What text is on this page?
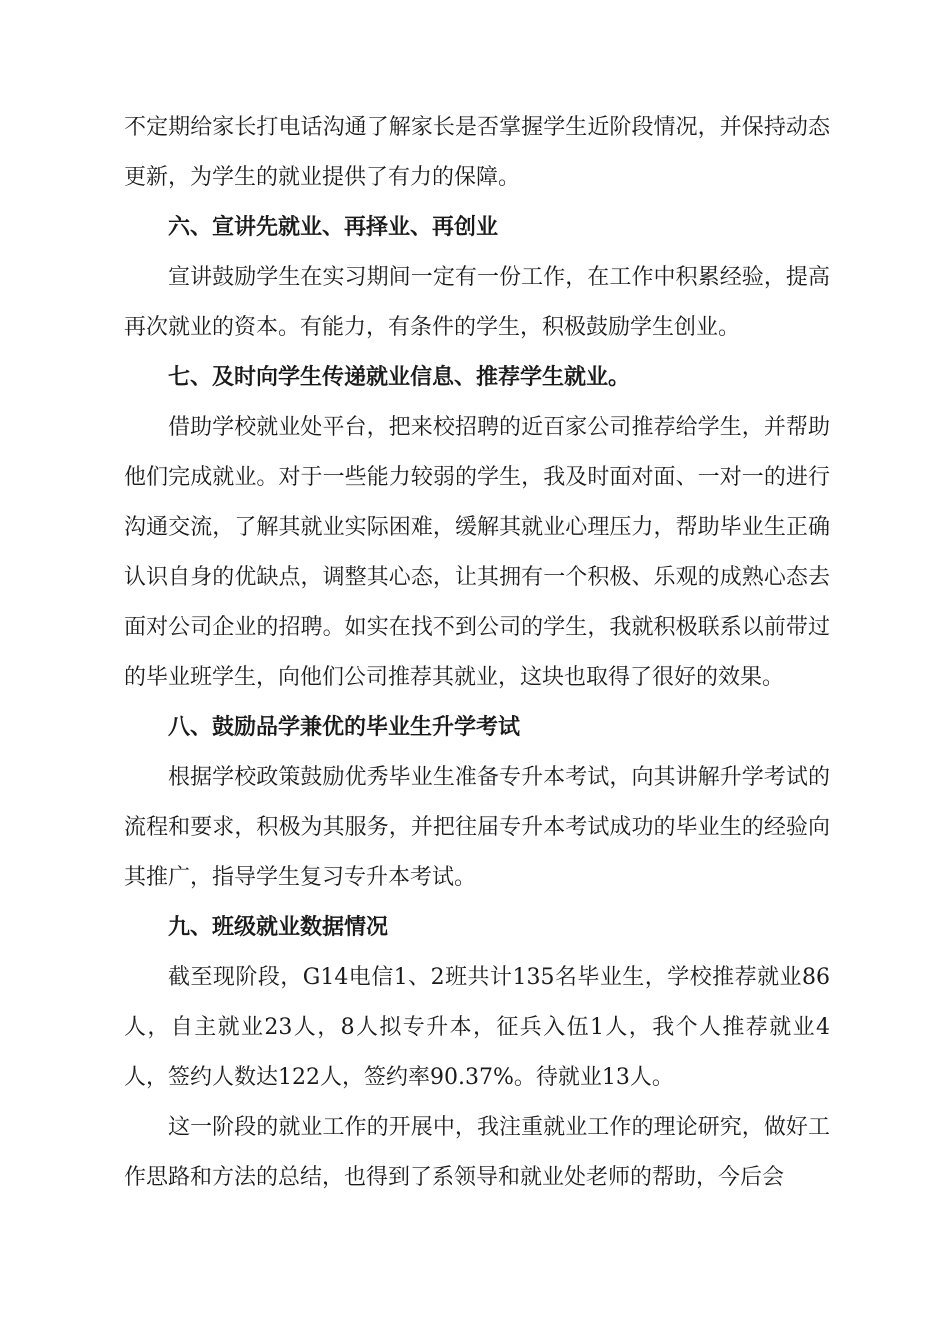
不定期给家长打电话沟通了解家长是否掌握学生近阶段情况，并保持动态更新，为学生的就业提供了有力的保障。

六、宣讲先就业、再择业、再创业

宣讲鼓励学生在实习期间一定有一份工作，在工作中积累经验，提高再次就业的资本。有能力，有条件的学生，积极鼓励学生创业。

七、及时向学生传递就业信息、推荐学生就业。

借助学校就业处平台，把来校招聘的近百家公司推荐给学生，并帮助他们完成就业。对于一些能力较弱的学生，我及时面对面、一对一的进行沟通交流，了解其就业实际困难，缓解其就业心理压力，帮助毕业生正确认识自身的优缺点，调整其心态，让其拥有一个积极、乐观的成熟心态去面对公司企业的招聘。如实在找不到公司的学生，我就积极联系以前带过的毕业班学生，向他们公司推荐其就业，这块也取得了很好的效果。

八、鼓励品学兼优的毕业生升学考试

根据学校政策鼓励优秀毕业生准备专升本考试，向其讲解升学考试的流程和要求，积极为其服务，并把往届专升本考试成功的毕业生的经验向其推广，指导学生复习专升本考试。

九、班级就业数据情况

截至现阶段，G14电信1、2班共计135名毕业生，学校推荐就业86人，自主就业23人，8人拟专升本，征兵入伍1人，我个人推荐就业4人，签约人数达122人，签约率90.37%。待就业13人。

这一阶段的就业工作的开展中，我注重就业工作的理论研究，做好工作思路和方法的总结，也得到了系领导和就业处老师的帮助，今后会
